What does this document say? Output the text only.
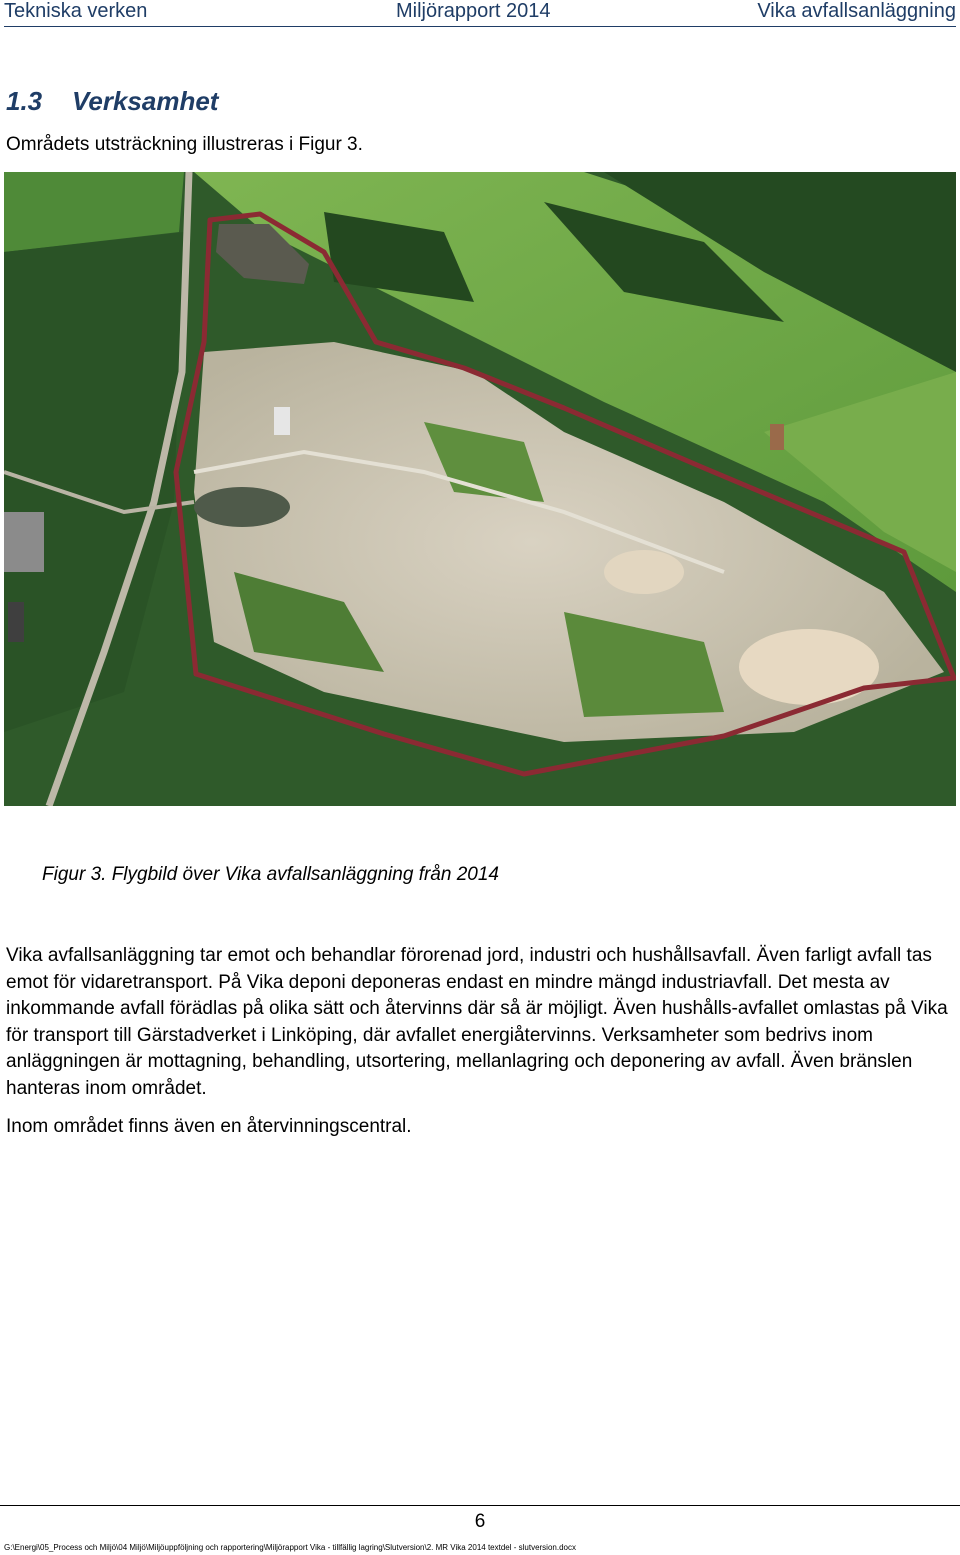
Tekniska verken	Miljörapport 2014	Vika avfallsanläggning
1.3 Verksamhet
Områdets utsträckning illustreras i Figur 3.
Figur 3. Flygbild över Vika avfallsanläggning från 2014

Vika avfallsanläggning tar emot och behandlar förorenad jord, industri och hushållsavfall. Även farligt avfall tas emot för vidaretransport. På Vika deponi deponeras endast en mindre mängd industriavfall. Det mesta av inkommande avfall förädlas på olika sätt och återvinns där så är möjligt. Även hushålls-avfallet omlastas på Vika för transport till Gärstadverket i Linköping, där avfallet energiåtervinns. Verksamheter som bedrivs inom anläggningen är mottagning, behandling, utsortering, mellanlagring och deponering av avfall. Även bränslen hanteras inom området.

Inom området finns även en återvinningscentral.

6
G:\Energi\05_Process och Miljö\04 Miljö\Miljöuppföljning och rapportering\Miljörapport Vika - tillfällig lagring\Slutversion\2. MR Vika 2014 textdel - slutversion.docx
